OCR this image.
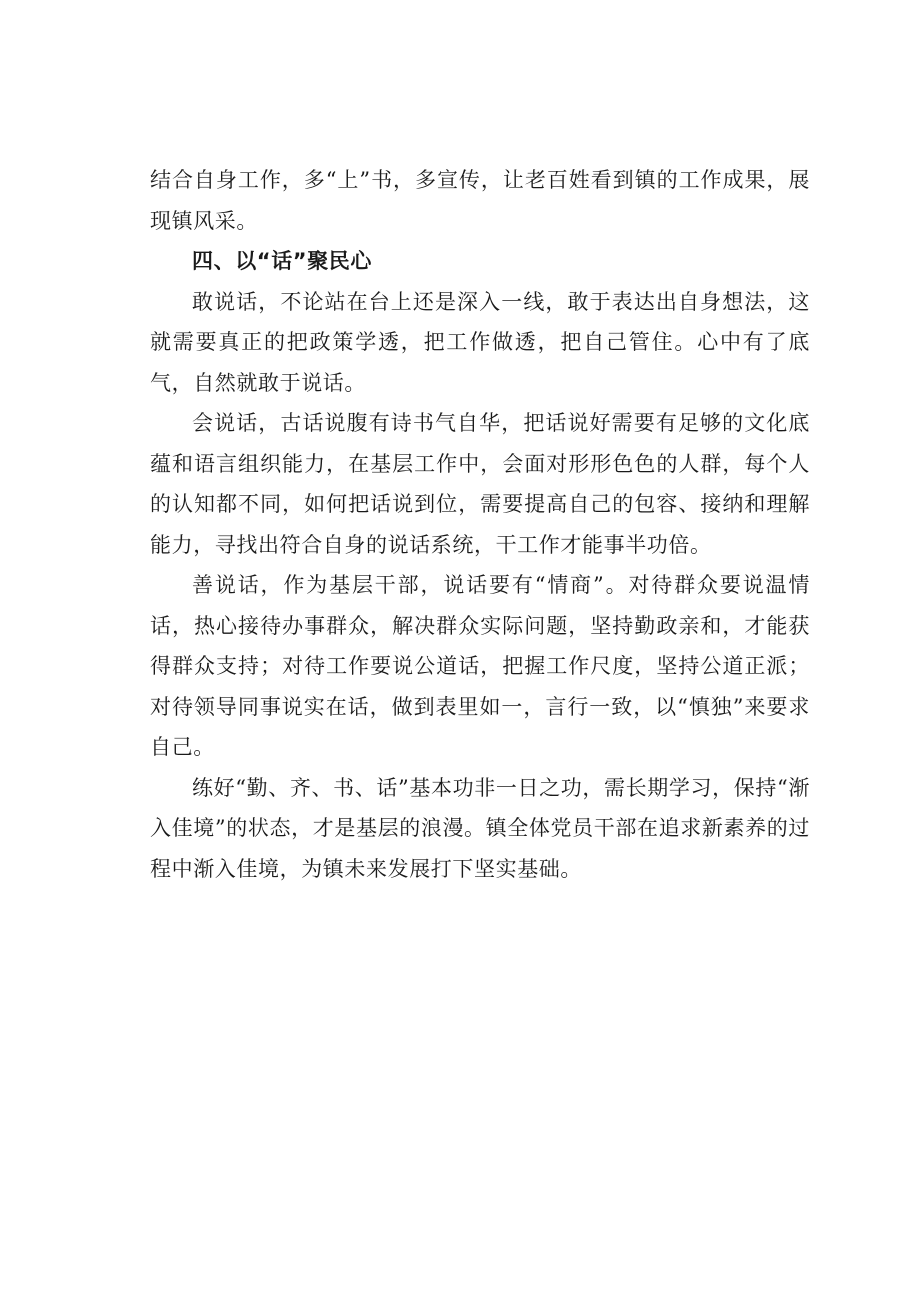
结合自身工作，多“上”书，多宣传，让老百姓看到镇的工作成果，展现镇风采。

四、以“话”聚民心

敢说话，不论站在台上还是深入一线，敢于表达出自身想法，这就需要真正的把政策学透，把工作做透，把自己管住。心中有了底气，自然就敢于说话。

会说话，古话说腹有诗书气自华，把话说好需要有足够的文化底蕴和语言组织能力，在基层工作中，会面对形形色色的人群，每个人的认知都不同，如何把话说到位，需要提高自己的包容、接纳和理解能力，寻找出符合自身的说话系统，干工作才能事半功倍。

善说话，作为基层干部，说话要有“情商”。对待群众要说温情话，热心接待办事群众，解决群众实际问题，坚持勤政亲和，才能获得群众支持；对待工作要说公道话，把握工作尺度，坚持公道正派；对待领导同事说实在话，做到表里如一，言行一致，以“慎独”来要求自己。

练好“勤、齐、书、话”基本功非一日之功，需长期学习，保持“渐入佳境”的状态，才是基层的浪漫。镇全体党员干部在追求新素养的过程中渐入佳境，为镇未来发展打下坚实基础。
